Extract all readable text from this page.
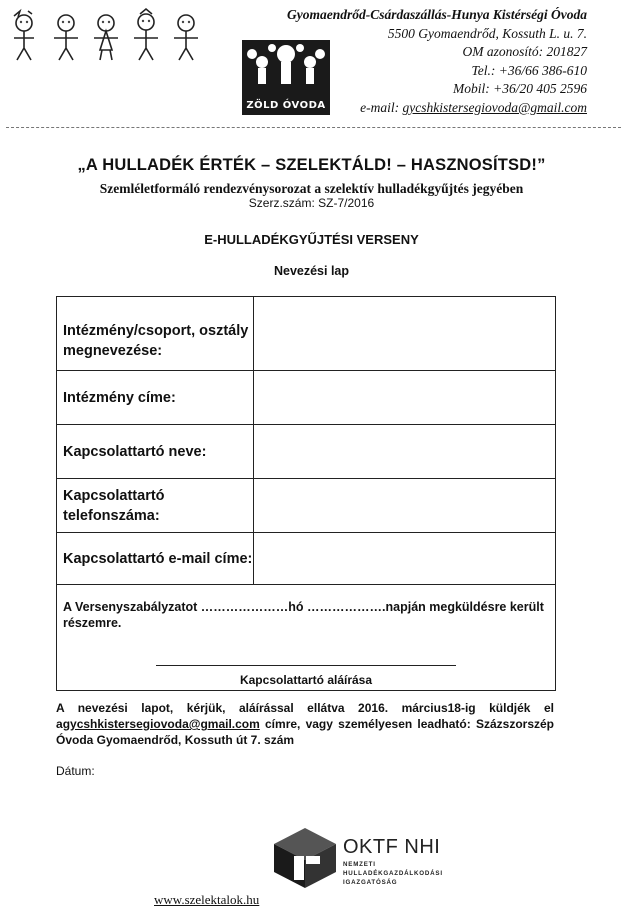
ZÖLD ÓVODA
Gyomaendrőd-Csárdaszállás-Hunya Kistérségi Óvoda
5500 Gyomaendrőd, Kossuth L. u. 7.
OM azonosító: 201827
Tel.: +36/66 386-610
Mobil: +36/20 405 2596
e-mail: gycshkistersegiovoda@gmail.com
„A HULLADÉK ÉRTÉK – SZELEKTÁLD! – HASZNOSÍTSD!”
Szemléletformáló rendezvénysorozat a szelektív hulladékgyűjtés jegyében
Szerz.szám: SZ-7/2016
E-HULLADÉKGYŰJTÉSI VERSENY
Nevezési lap
Intézmény/csoport, osztály megnevezése:	
Intézmény címe:	
Kapcsolattartó neve:	
Kapcsolattartó telefonszáma:	
Kapcsolattartó e-mail címe:	

A Versenyszabályzatot …………………hó ……………….napján megküldésre került részemre.
Kapcsolattartó aláírása	
A nevezési lapot, kérjük, aláírással ellátva 2016. március18-ig küldjék el agycshkistersegiovoda@gmail.com címre, vagy személyesen leadható: Százszorszép Óvoda Gyomaendrőd, Kossuth út 7. szám
Dátum:
OKTF NHI
NEMZETI
HULLADÉKGAZDÁLKODÁSI
IGAZGATÓSÁG
www.szelektalok.hu
